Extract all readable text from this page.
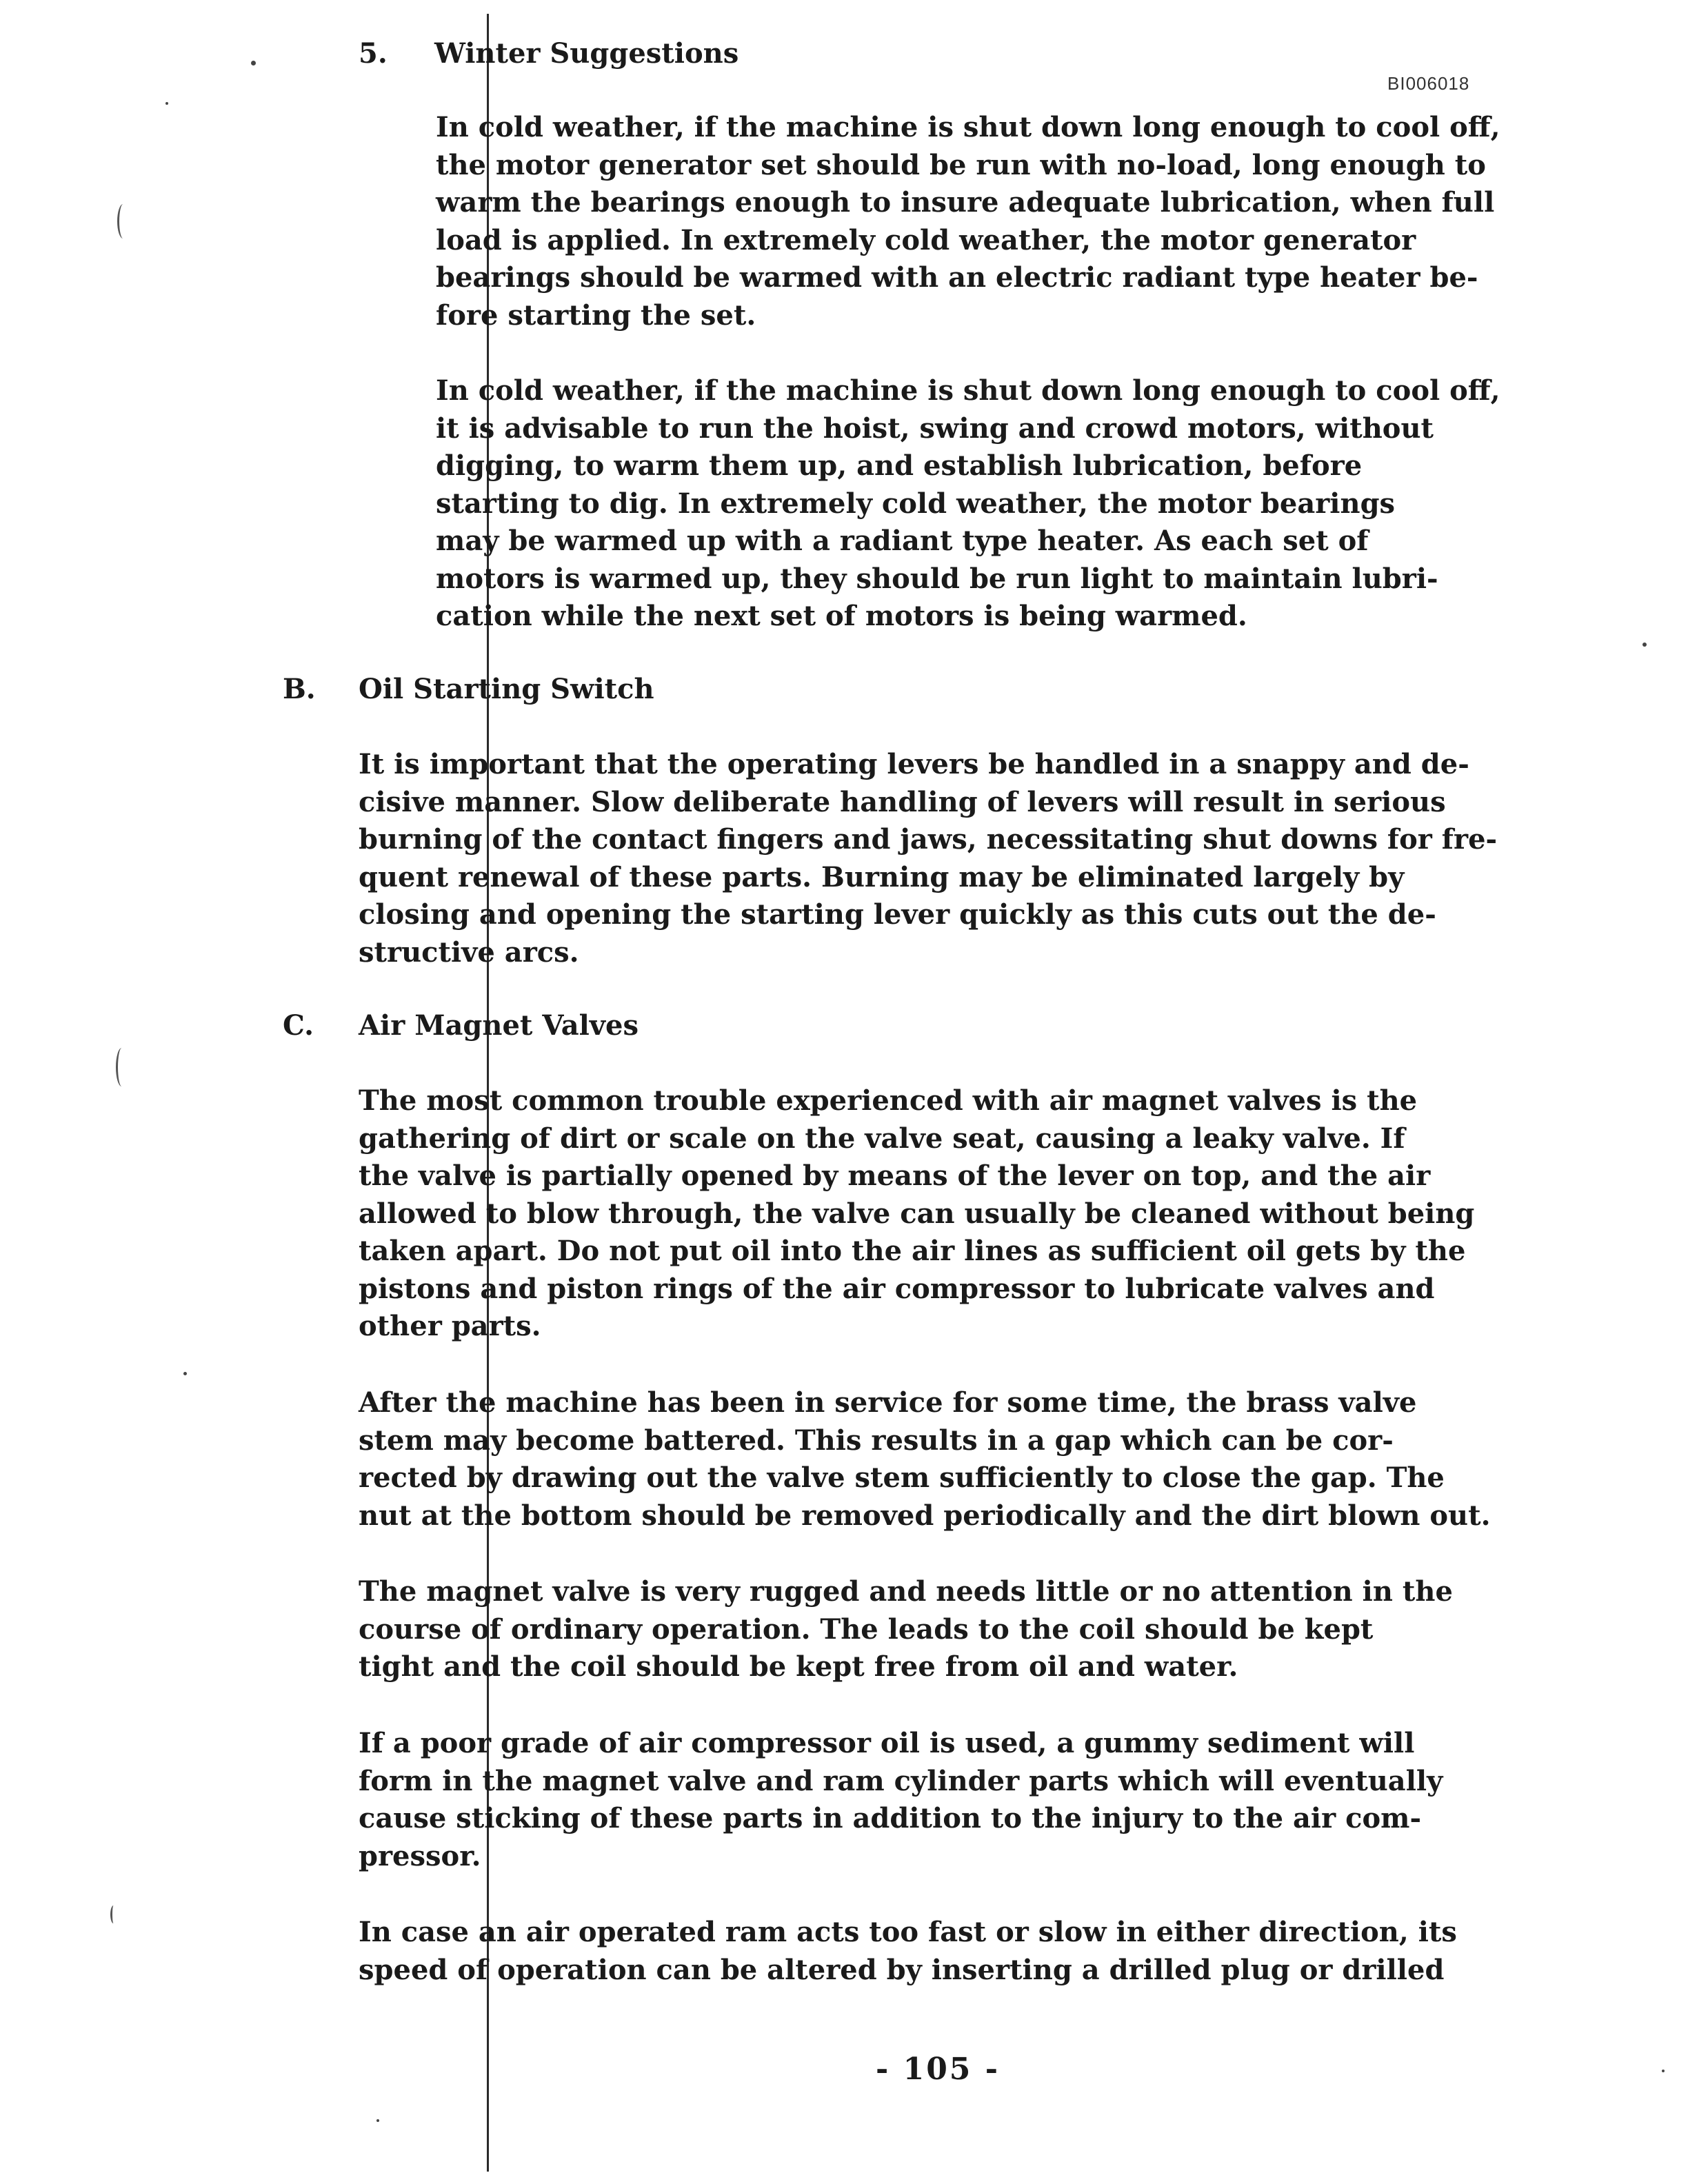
BI006018
5. Winter Suggestions
In cold weather, if the machine is shut down long enough to cool off,
the motor generator set should be run with no-load, long enough to
warm the bearings enough to insure adequate lubrication, when full
load is applied. In extremely cold weather, the motor generator
bearings should be warmed with an electric radiant type heater be-
fore starting the set.
In cold weather, if the machine is shut down long enough to cool off,
it is advisable to run the hoist, swing and crowd motors, without
digging, to warm them up, and establish lubrication, before
starting to dig. In extremely cold weather, the motor bearings
may be warmed up with a radiant type heater. As each set of
motors is warmed up, they should be run light to maintain lubri-
cation while the next set of motors is being warmed.
B. Oil Starting Switch
It is important that the operating levers be handled in a snappy and de-
cisive manner. Slow deliberate handling of levers will result in serious
burning of the contact fingers and jaws, necessitating shut downs for fre-
quent renewal of these parts. Burning may be eliminated largely by
closing and opening the starting lever quickly as this cuts out the de-
structive arcs.
C. Air Magnet Valves
The most common trouble experienced with air magnet valves is the
gathering of dirt or scale on the valve seat, causing a leaky valve. If
the valve is partially opened by means of the lever on top, and the air
allowed to blow through, the valve can usually be cleaned without being
taken apart. Do not put oil into the air lines as sufficient oil gets by the
pistons and piston rings of the air compressor to lubricate valves and
other parts.
After the machine has been in service for some time, the brass valve
stem may become battered. This results in a gap which can be cor-
rected by drawing out the valve stem sufficiently to close the gap. The
nut at the bottom should be removed periodically and the dirt blown out.
The magnet valve is very rugged and needs little or no attention in the
course of ordinary operation. The leads to the coil should be kept
tight and the coil should be kept free from oil and water.
If a poor grade of air compressor oil is used, a gummy sediment will
form in the magnet valve and ram cylinder parts which will eventually
cause sticking of these parts in addition to the injury to the air com-
pressor.
In case an air operated ram acts too fast or slow in either direction, its
speed of operation can be altered by inserting a drilled plug or drilled
- 105 -
